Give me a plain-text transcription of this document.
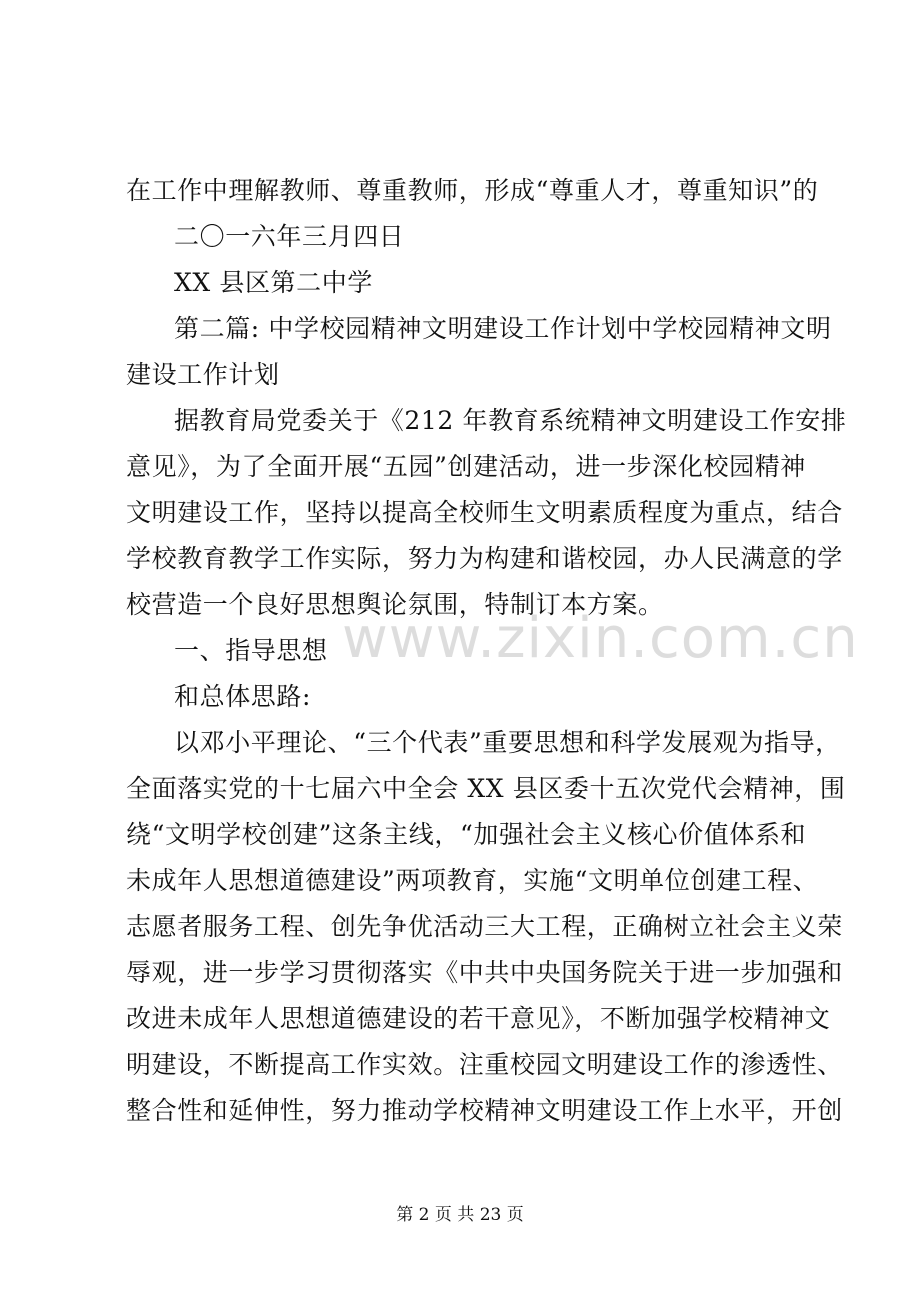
在工作中理解教师、尊重教师，形成“尊重人才，尊重知识”的
二〇一六年三月四日
XX 县区第二中学
第二篇: 中学校园精神文明建设工作计划中学校园精神文明
建设工作计划
据教育局党委关于《212 年教育系统精神文明建设工作安排
意见》，为了全面开展“五园”创建活动，进一步深化校园精神
文明建设工作，坚持以提高全校师生文明素质程度为重点，结合
学校教育教学工作实际，努力为构建和谐校园，办人民满意的学
校营造一个良好思想舆论氛围，特制订本方案。
一、指导思想
和总体思路:
以邓小平理论、“三个代表”重要思想和科学发展观为指导，
全面落实党的十七届六中全会 XX 县区委十五次党代会精神，围
绕“文明学校创建”这条主线，“加强社会主义核心价值体系和
未成年人思想道德建设”两项教育，实施“文明单位创建工程、
志愿者服务工程、创先争优活动三大工程，正确树立社会主义荣
辱观，进一步学习贯彻落实《中共中央国务院关于进一步加强和
改进未成年人思想道德建设的若干意见》，不断加强学校精神文
明建设，不断提高工作实效。注重校园文明建设工作的渗透性、
整合性和延伸性，努力推动学校精神文明建设工作上水平，开创
www.zixin.com.cn
第 2 页 共 23 页
